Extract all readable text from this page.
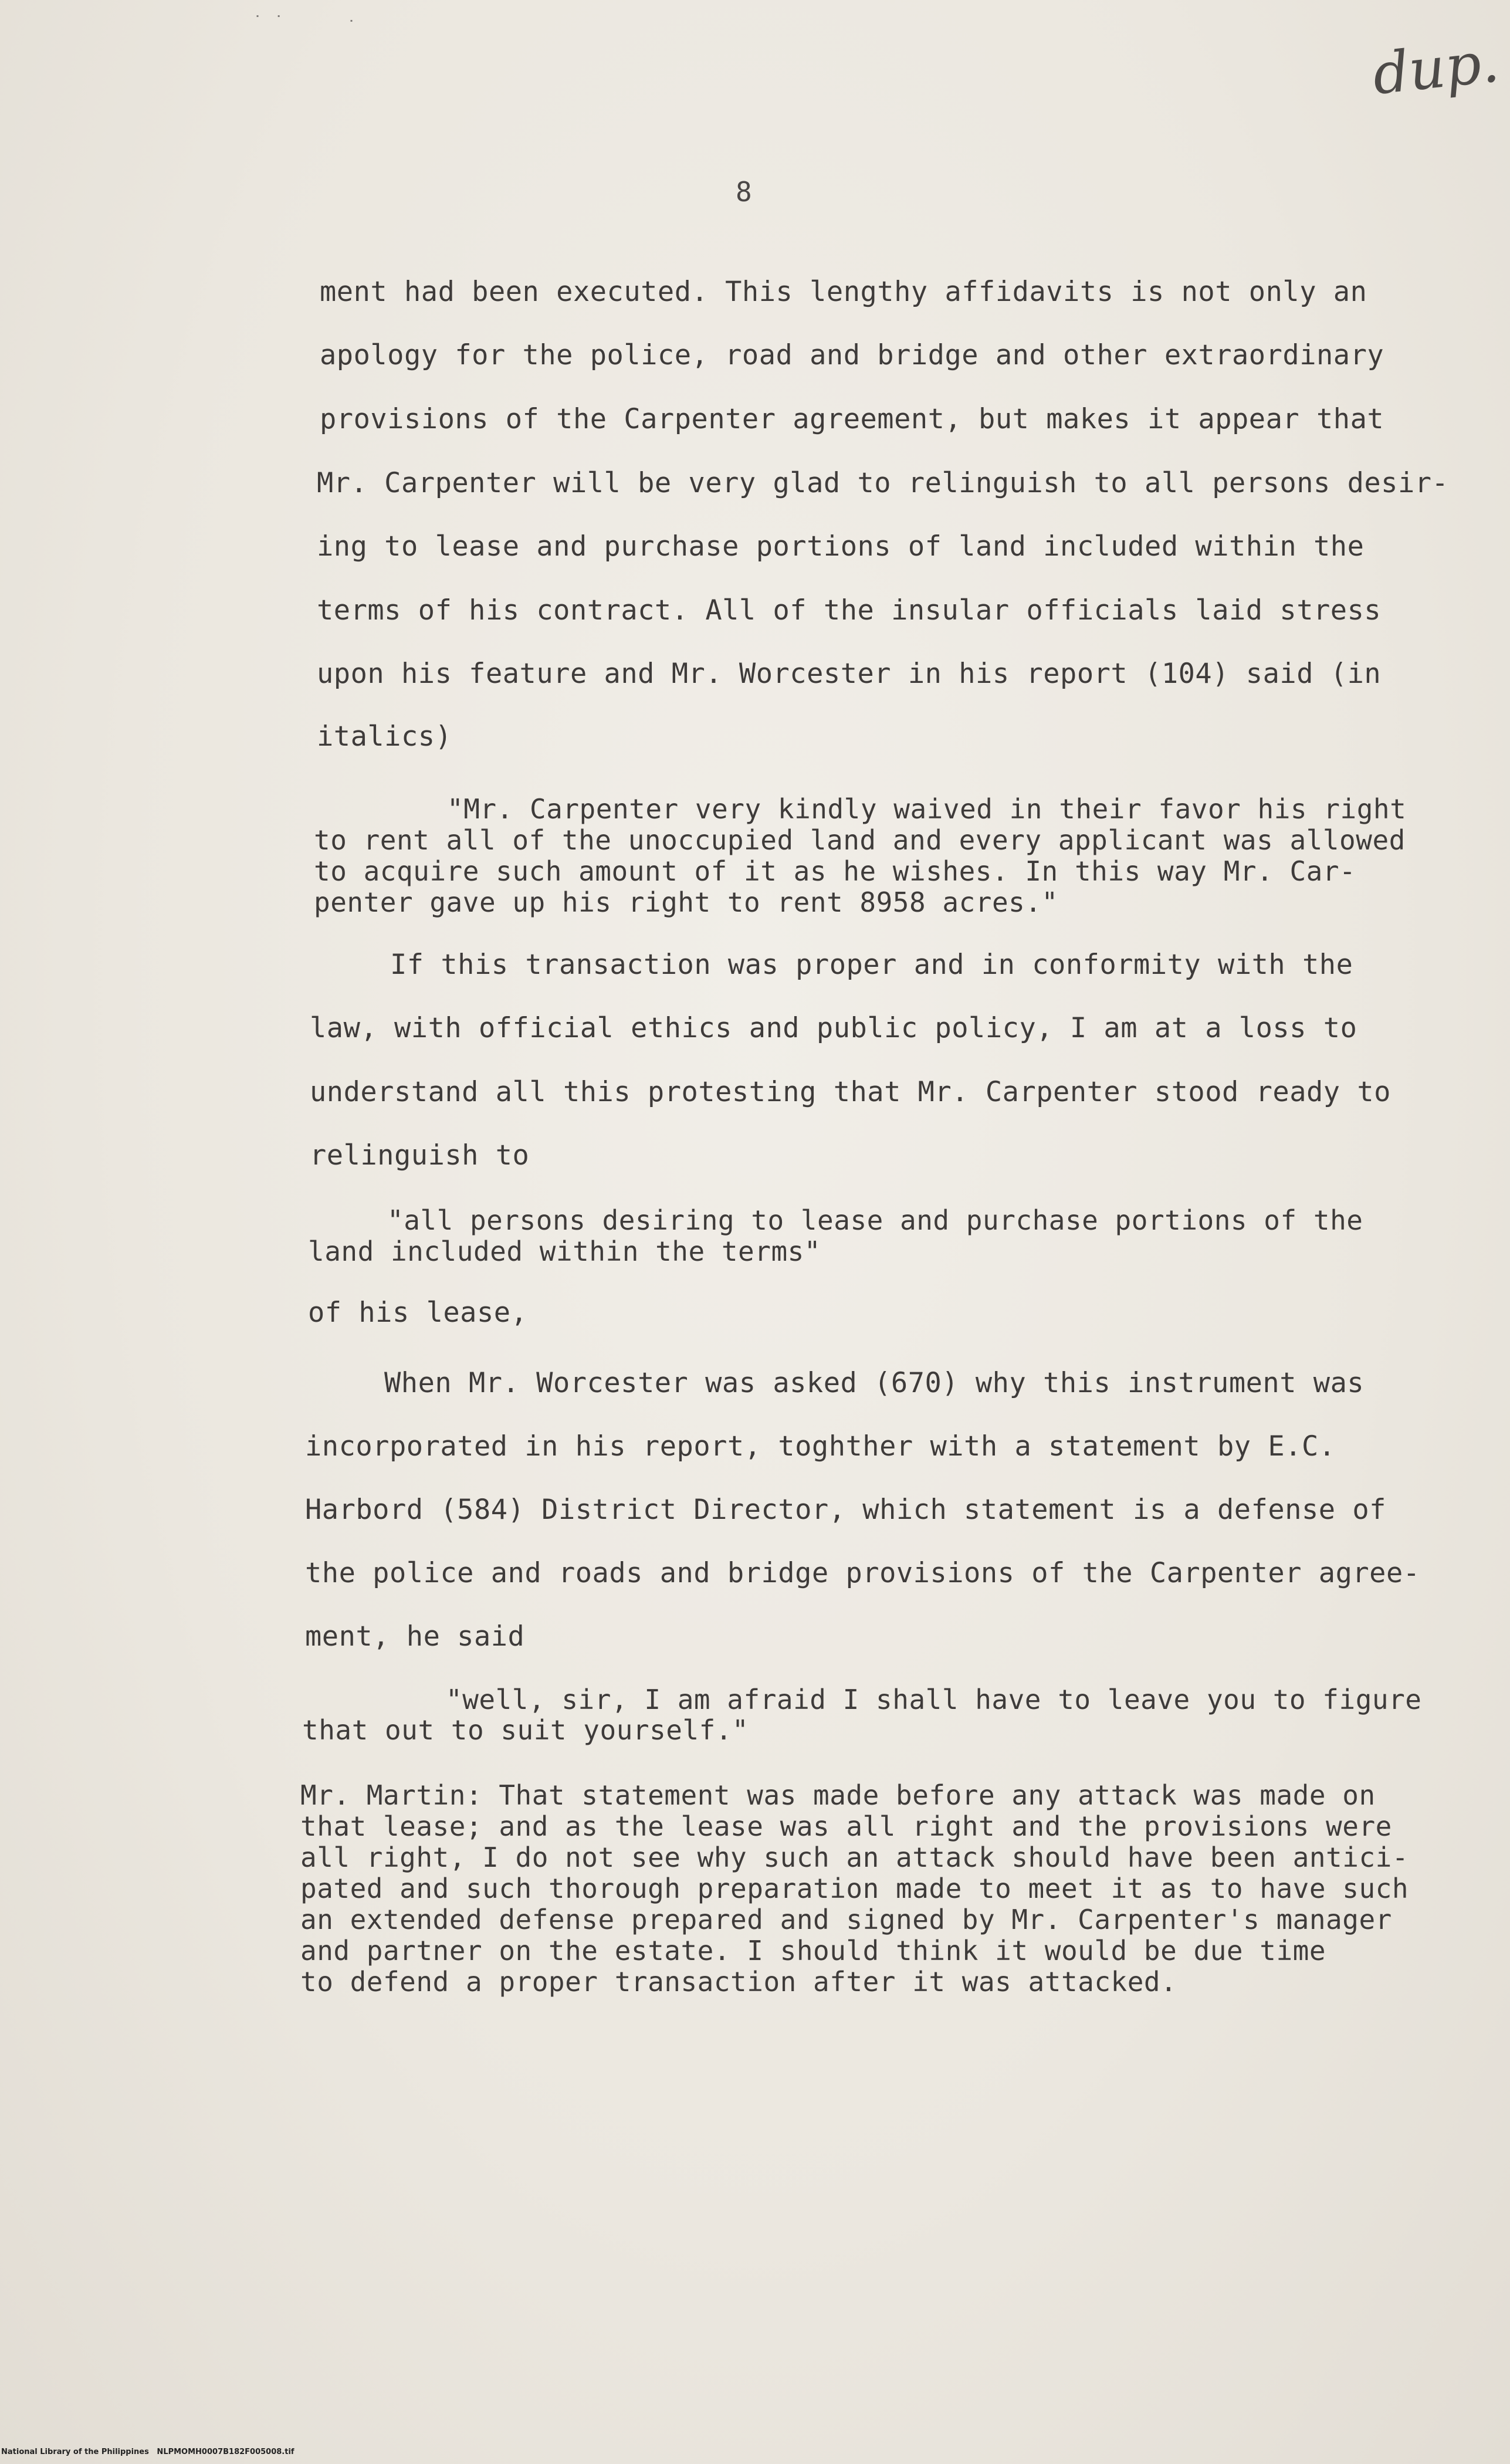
˙ ˙	˙
dup.
8
ment had been executed. This lengthy affidavits is not only an
apology for the police, road and bridge and other extraordinary
provisions of the Carpenter agreement, but makes it appear that
Mr. Carpenter will be very glad to relinguish to all persons desir-
ing to lease and purchase portions of land included within the
terms of his contract. All of the insular officials laid stress
upon his feature and Mr. Worcester in his report (104) said (in
italics)
"Mr. Carpenter very kindly waived in their favor his right
to rent all of the unoccupied land and every applicant was allowed
to acquire such amount of it as he wishes. In this way Mr. Car-
penter gave up his right to rent 8958 acres."
If this transaction was proper and in conformity with the
law, with official ethics and public policy, I am at a loss to
understand all this protesting that Mr. Carpenter stood ready to
relinguish to
"all persons desiring to lease and purchase portions of the
land included within the terms"
of his lease,
When Mr. Worcester was asked (670) why this instrument was
incorporated in his report, toghther with a statement by E.C.
Harbord (584) District Director, which statement is a defense of
the police and roads and bridge provisions of the Carpenter agree-
ment, he said
"well, sir, I am afraid I shall have to leave you to figure
that out to suit yourself."
Mr. Martin: That statement was made before any attack was made on
that lease; and as the lease was all right and the provisions were
all right, I do not see why such an attack should have been antici-
pated and such thorough preparation made to meet it as to have such
an extended defense prepared and signed by Mr. Carpenter's manager
and partner on the estate. I should think it would be due time
to defend a proper transaction after it was attacked.
National Library of the Philippines   NLPMOMH0007B182F005008.tif
